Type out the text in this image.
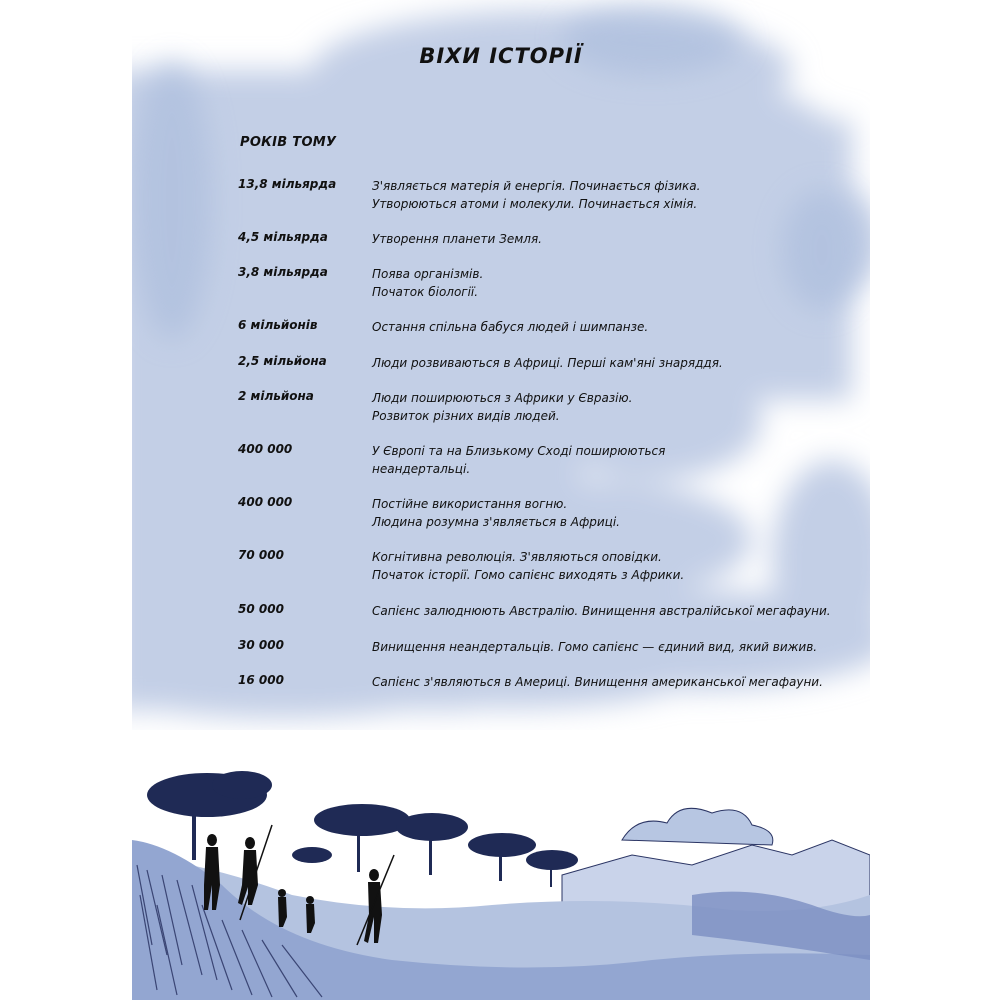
ВІХИ ІСТОРІЇ
РОКІВ ТОМУ
13,8 мільярда	З'являється матерія й енергія. Починається фізика.
Утворюються атоми і молекули. Починається хімія.
4,5 мільярда	Утворення планети Земля.
3,8 мільярда	Поява організмів.
Початок біології.
6 мільйонів	Остання спільна бабуся людей і шимпанзе.
2,5 мільйона	Люди розвиваються в Африці. Перші кам'яні знаряддя.
2 мільйона	Люди поширюються з Африки у Євразію.
Розвиток різних видів людей.
400 000	У Європі та на Близькому Сході поширюються
неандертальці.
400 000	Постійне використання вогню.
Людина розумна з'являється в Африці.
70 000	Когнітивна революція. З'являються оповідки.
Початок історії. Гомо сапієнс виходять з Африки.
50 000	Сапієнс залюднюють Австралію. Винищення австралійської мегафауни.
30 000	Винищення неандертальців. Гомо сапієнс — єдиний вид, який вижив.
16 000	Сапієнс з'являються в Америці. Винищення американської мегафауни.
